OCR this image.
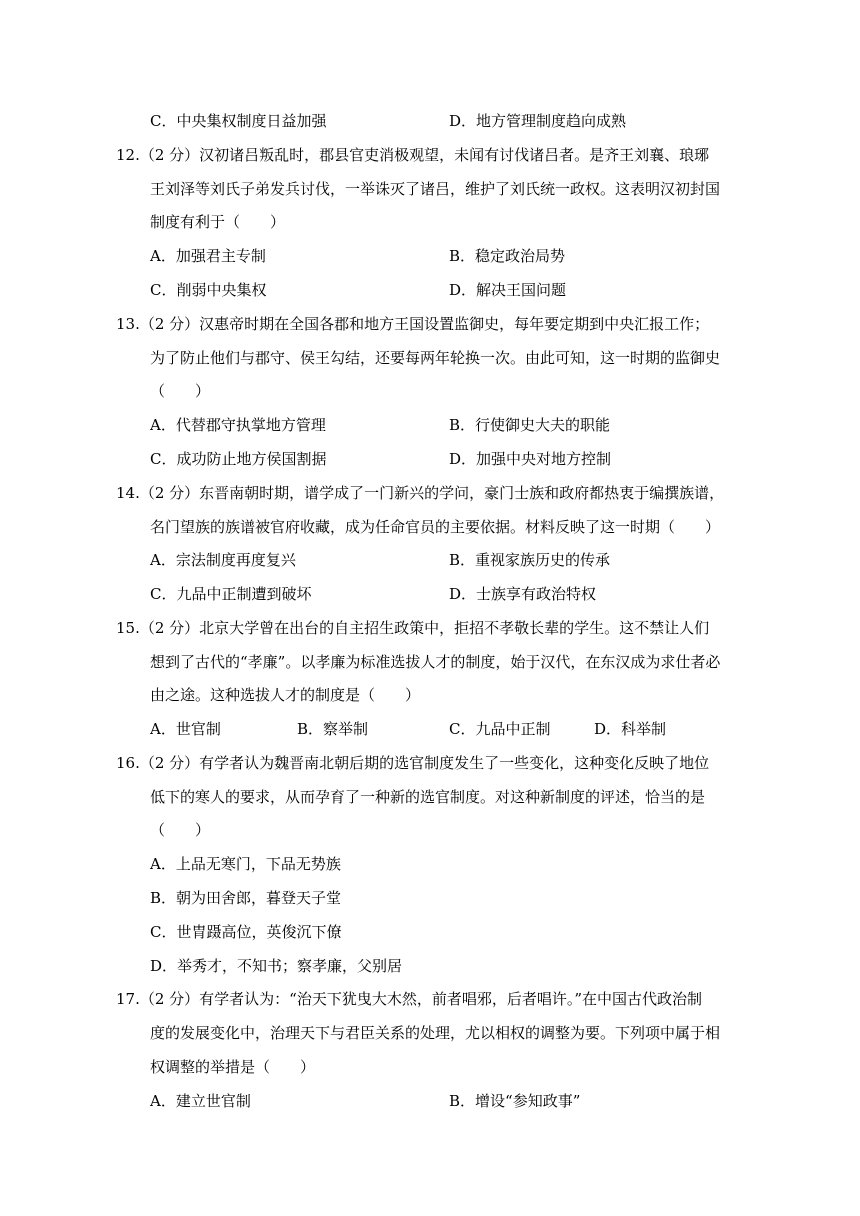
C．中央集权制度日益加强	D．地方管理制度趋向成熟
12.（2 分）汉初诸吕叛乱时，郡县官吏消极观望，未闻有讨伐诸吕者。是齐王刘襄、琅琊
王刘泽等刘氏子弟发兵讨伐，一举诛灭了诸吕，维护了刘氏统一政权。这表明汉初封国
制度有利于（　　）
A．加强君主专制	B．稳定政治局势
C．削弱中央集权	D．解决王国问题
13.（2 分）汉惠帝时期在全国各郡和地方王国设置监御史，每年要定期到中央汇报工作；
为了防止他们与郡守、侯王勾结，还要每两年轮换一次。由此可知，这一时期的监御史
（　　）
A．代替郡守执掌地方管理	B．行使御史大夫的职能
C．成功防止地方侯国割据	D．加强中央对地方控制
14.（2 分）东晋南朝时期，谱学成了一门新兴的学问，豪门士族和政府都热衷于编撰族谱，
名门望族的族谱被官府收藏，成为任命官员的主要依据。材料反映了这一时期（　　）
A．宗法制度再度复兴	B．重视家族历史的传承
C．九品中正制遭到破坏	D．士族享有政治特权
15.（2 分）北京大学曾在出台的自主招生政策中，拒招不孝敬长辈的学生。这不禁让人们
想到了古代的“孝廉”。以孝廉为标准选拔人才的制度，始于汉代，在东汉成为求仕者必
由之途。这种选拔人才的制度是（　　）
A．世官制	B．察举制	C．九品中正制	D．科举制
16.（2 分）有学者认为魏晋南北朝后期的选官制度发生了一些变化，这种变化反映了地位
低下的寒人的要求，从而孕育了一种新的选官制度。对这种新制度的评述，恰当的是
（　　）
A．上品无寒门，下品无势族
B．朝为田舍郎，暮登天子堂
C．世胄蹑高位，英俊沉下僚
D．举秀才，不知书；察孝廉，父别居
17.（2 分）有学者认为：“治天下犹曳大木然，前者唱邪，后者唱许。”在中国古代政治制
度的发展变化中，治理天下与君臣关系的处理，尤以相权的调整为要。下列项中属于相
权调整的举措是（　　）
A．建立世官制	B．增设“参知政事”
